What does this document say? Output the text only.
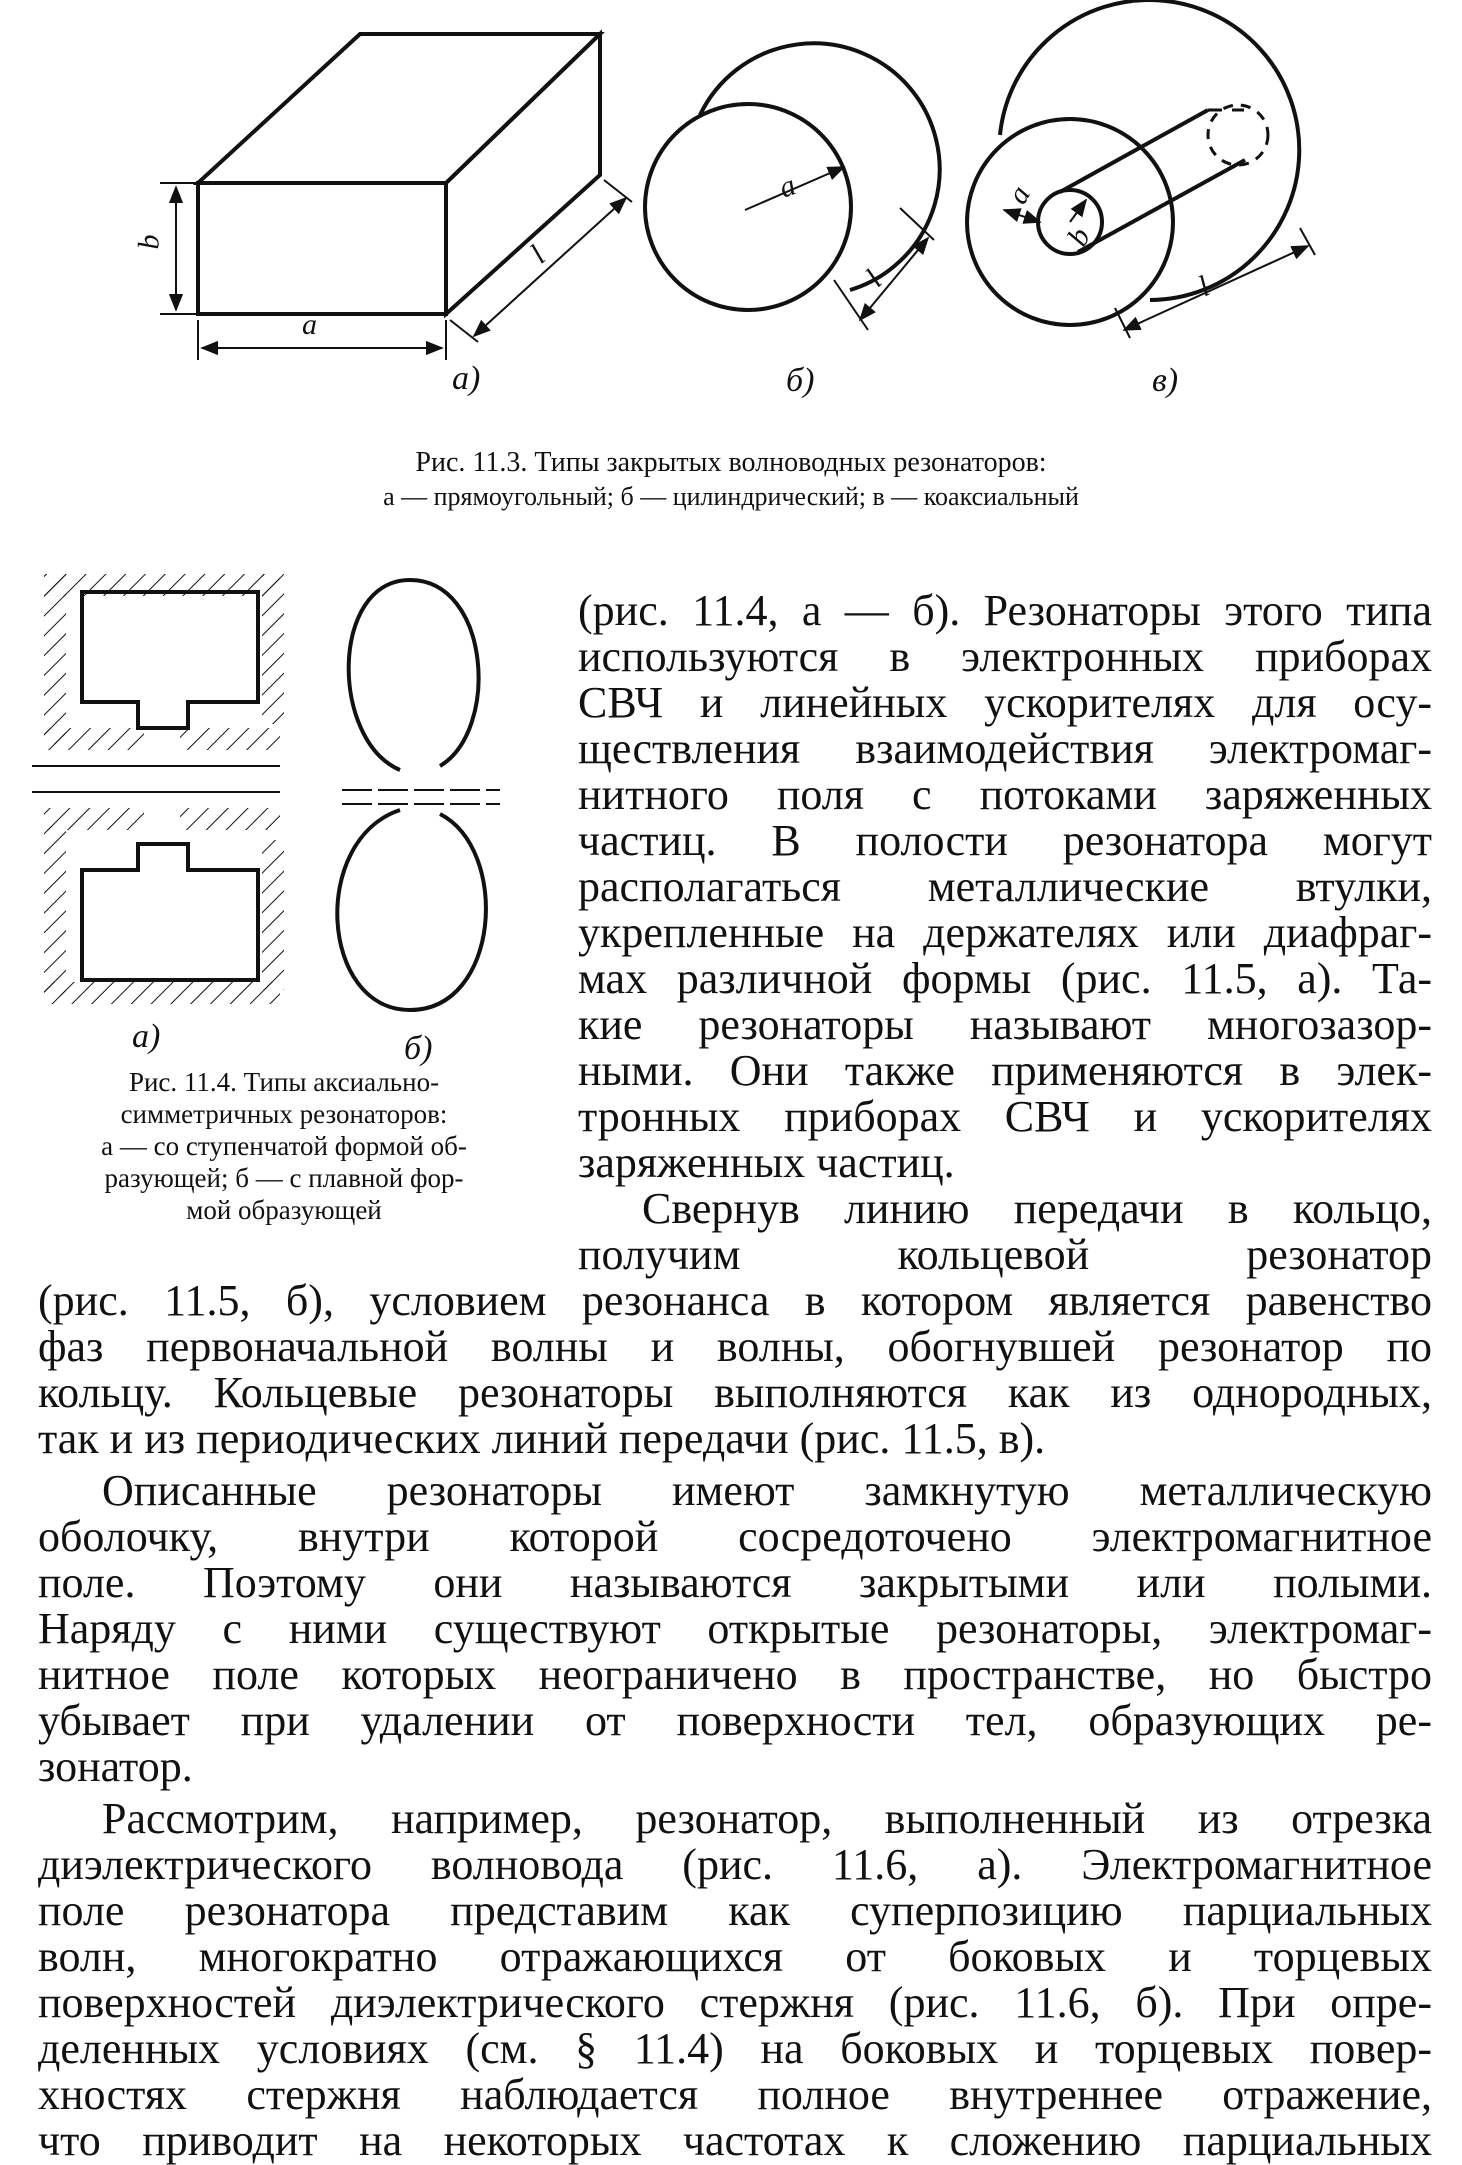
b
a
l
a
l
a
b
l
а)	б)	в)
Рис. 11.3. Типы закрытых волноводных резонаторов:
а — прямоугольный; б — цилиндрический; в — коаксиальный
а)	б)
Рис. 11.4. Типы аксиально-
симметричных резонаторов:
а — со ступенчатой формой об-
разующей; б — с плавной фор-
мой образующей
(рис. 11.4, а — б). Резонаторы этого типа
используются в электронных приборах
СВЧ и линейных ускорителях для осу-
ществления взаимодействия электромаг-
нитного поля с потоками заряженных
частиц. В полости резонатора могут
располагаться металлические втулки,
укрепленные на держателях или диафраг-
мах различной формы (рис. 11.5, а). Та-
кие резонаторы называют многозазор-
ными. Они также применяются в элек-
тронных приборах СВЧ и ускорителях
заряженных частиц.
Свернув линию передачи в кольцо,
получим кольцевой резонатор
(рис. 11.5, б), условием резонанса в котором является равенство
фаз первоначальной волны и волны, обогнувшей резонатор по
кольцу. Кольцевые резонаторы выполняются как из однородных,
так и из периодических линий передачи (рис. 11.5, в).
Описанные резонаторы имеют замкнутую металлическую
оболочку, внутри которой сосредоточено электромагнитное
поле. Поэтому они называются закрытыми или полыми.
Наряду с ними существуют открытые резонаторы, электромаг-
нитное поле которых неограничено в пространстве, но быстро
убывает при удалении от поверхности тел, образующих ре-
зонатор.
Рассмотрим, например, резонатор, выполненный из отрезка
диэлектрического волновода (рис. 11.6, а). Электромагнитное
поле резонатора представим как суперпозицию парциальных
волн, многократно отражающихся от боковых и торцевых
поверхностей диэлектрического стержня (рис. 11.6, б). При опре-
деленных условиях (см. § 11.4) на боковых и торцевых повер-
хностях стержня наблюдается полное внутреннее отражение,
что приводит на некоторых частотах к сложению парциальных
